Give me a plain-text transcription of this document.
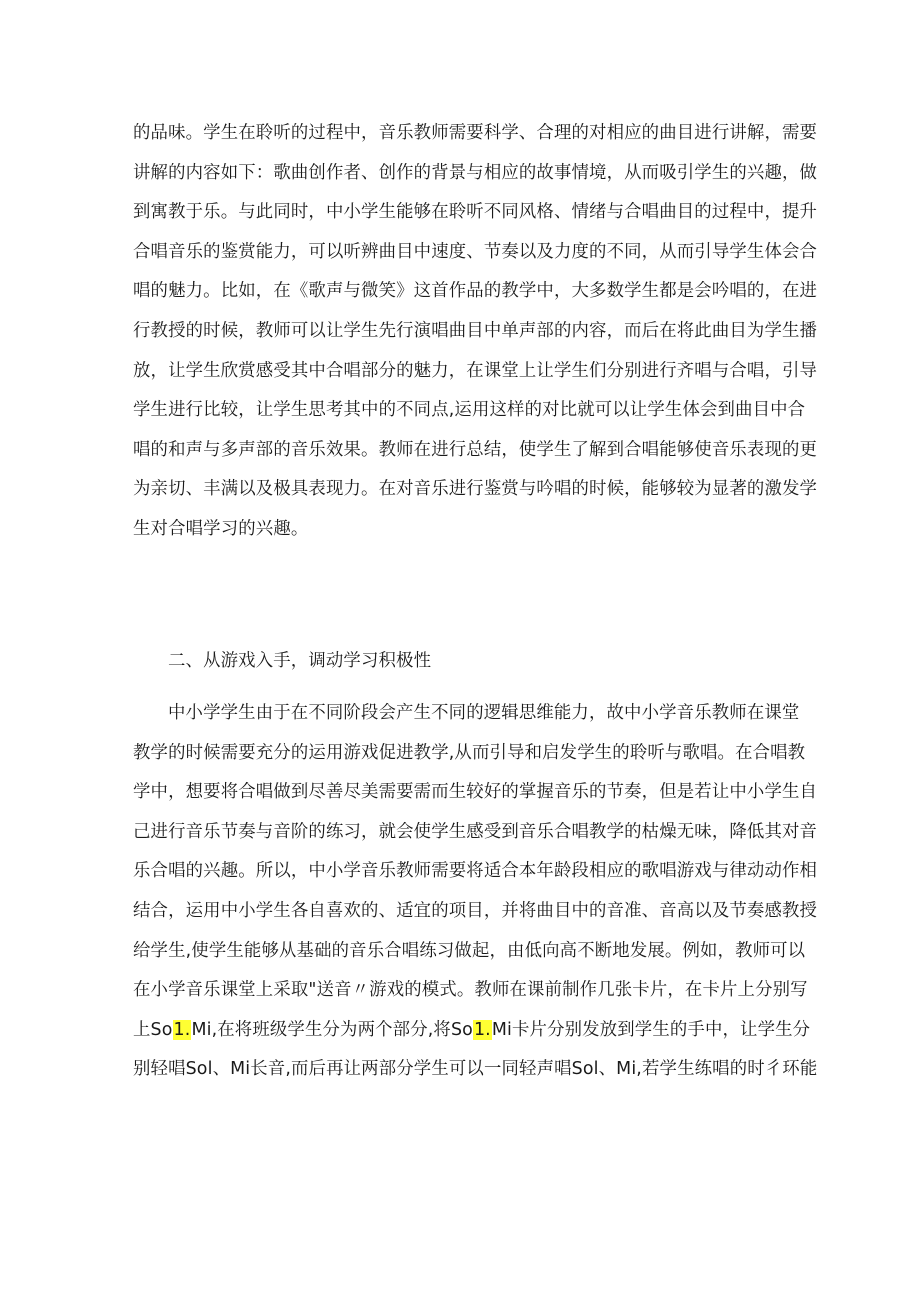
的品味。学生在聆听的过程中，音乐教师需要科学、合理的对相应的曲目进行讲解，需要
讲解的内容如下：歌曲创作者、创作的背景与相应的故事情境，从而吸引学生的兴趣，做
到寓教于乐。与此同时，中小学生能够在聆听不同风格、情绪与合唱曲目的过程中，提升
合唱音乐的鉴赏能力，可以听辨曲目中速度、节奏以及力度的不同，从而引导学生体会合
唱的魅力。比如，在《歌声与微笑》这首作品的教学中，大多数学生都是会吟唱的，在进
行教授的时候，教师可以让学生先行演唱曲目中单声部的内容，而后在将此曲目为学生播
放，让学生欣赏感受其中合唱部分的魅力，在课堂上让学生们分别进行齐唱与合唱，引导
学生进行比较，让学生思考其中的不同点,运用这样的对比就可以让学生体会到曲目中合
唱的和声与多声部的音乐效果。教师在进行总结，使学生了解到合唱能够使音乐表现的更
为亲切、丰满以及极具表现力。在对音乐进行鉴赏与吟唱的时候，能够较为显著的激发学
生对合唱学习的兴趣。
二、从游戏入手，调动学习积极性
中小学学生由于在不同阶段会产生不同的逻辑思维能力，故中小学音乐教师在课堂
教学的时候需要充分的运用游戏促进教学,从而引导和启发学生的聆听与歌唱。在合唱教
学中，想要将合唱做到尽善尽美需要需而生较好的掌握音乐的节奏，但是若让中小学生自
己进行音乐节奏与音阶的练习，就会使学生感受到音乐合唱教学的枯燥无味，降低其对音
乐合唱的兴趣。所以，中小学音乐教师需要将适合本年龄段相应的歌唱游戏与律动动作相
结合，运用中小学生各自喜欢的、适宜的项目，并将曲目中的音准、音高以及节奏感教授
给学生,使学生能够从基础的音乐合唱练习做起，由低向高不断地发展。例如，教师可以
在小学音乐课堂上采取"送音〃游戏的模式。教师在课前制作几张卡片，在卡片上分别写
上So1.Mi,在将班级学生分为两个部分,将So1.Mi卡片分别发放到学生的手中，让学生分
别轻唱Sol、Mi长音,而后再让两部分学生可以一同轻声唱Sol、Mi,若学生练唱的时彳环能
